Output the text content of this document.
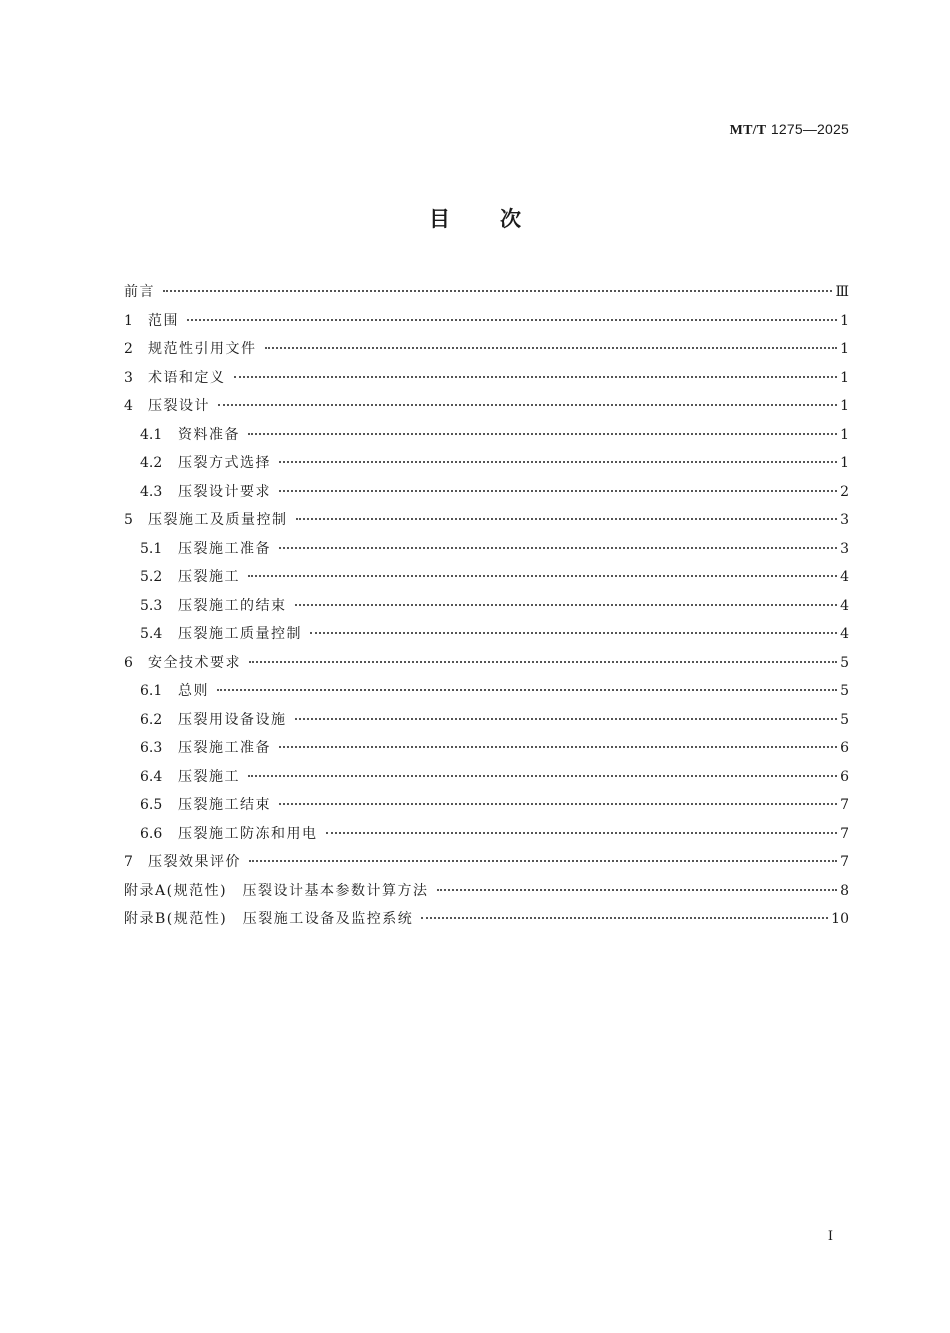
MT/T 1275—2025
目次
前言	Ⅲ
1	范围	1
2	规范性引用文件	1
3	术语和定义	1
4	压裂设计	1
4.1	资料准备	1
4.2	压裂方式选择	1
4.3	压裂设计要求	2
5	压裂施工及质量控制	3
5.1	压裂施工准备	3
5.2	压裂施工	4
5.3	压裂施工的结束	4
5.4	压裂施工质量控制	4
6	安全技术要求	5
6.1	总则	5
6.2	压裂用设备设施	5
6.3	压裂施工准备	6
6.4	压裂施工	6
6.5	压裂施工结束	7
6.6	压裂施工防冻和用电	7
7	压裂效果评价	7
附录A(规范性)　压裂设计基本参数计算方法	8
附录B(规范性)　压裂施工设备及监控系统	10
I
